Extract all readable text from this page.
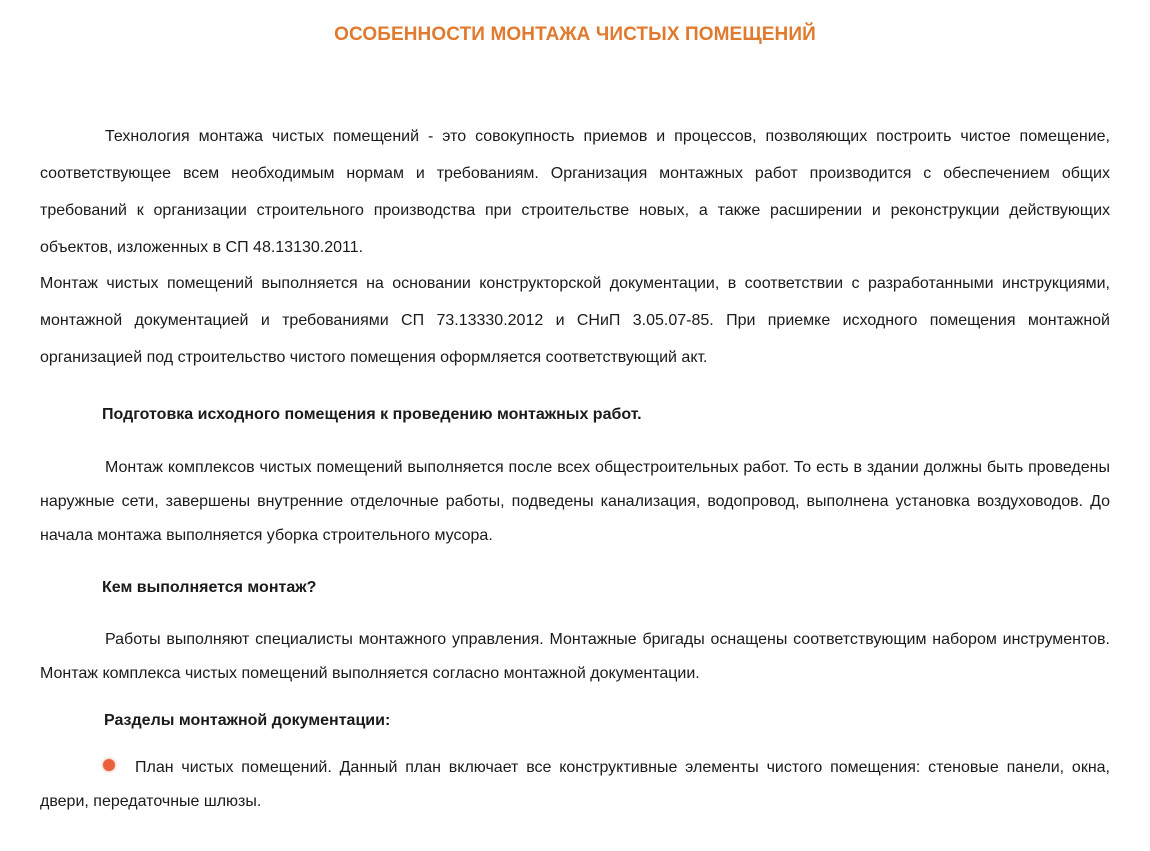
ОСОБЕННОСТИ МОНТАЖА ЧИСТЫХ ПОМЕЩЕНИЙ

Технология монтажа чистых помещений - это совокупность приемов и процессов, позволяющих построить чистое помещение, соответствующее всем необходимым нормам и требованиям. Организация монтажных работ производится с обеспечением общих требований к организации строительного производства при строительстве новых, а также расширении и реконструкции действующих объектов, изложенных в СП 48.13130.2011.

Монтаж чистых помещений выполняется на основании конструкторской документации, в соответствии с разработанными инструкциями, монтажной документацией и требованиями СП 73.13330.2012 и СНиП 3.05.07-85. При приемке исходного помещения монтажной организацией под строительство чистого помещения оформляется соответствующий акт.

Подготовка исходного помещения к проведению монтажных работ.

Монтаж комплексов чистых помещений выполняется после всех общестроительных работ. То есть в здании должны быть проведены наружные сети, завершены внутренние отделочные работы, подведены канализация, водопровод, выполнена установка воздуховодов. До начала монтажа выполняется уборка строительного мусора.

Кем выполняется монтаж?

Работы выполняют специалисты монтажного управления. Монтажные бригады оснащены соответствующим набором инструментов. Монтаж комплекса чистых помещений выполняется согласно монтажной документации.

Разделы монтажной документации:

План чистых помещений. Данный план включает все конструктивные элементы чистого помещения: стеновые панели, окна, двери, передаточные шлюзы.
